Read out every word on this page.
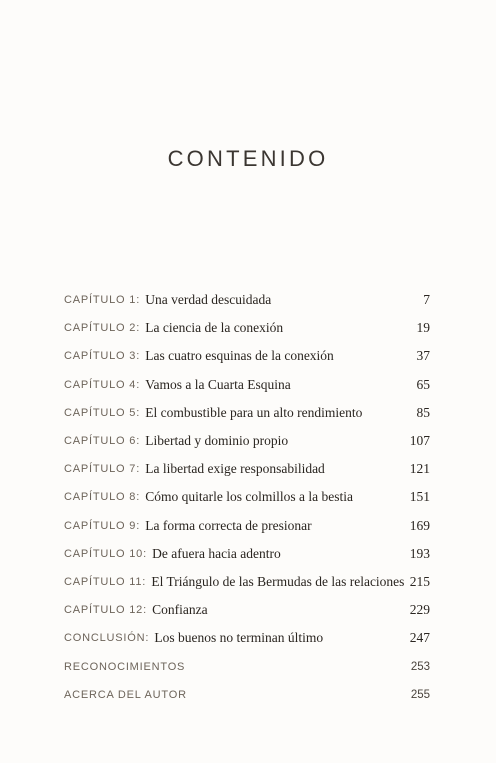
CONTENIDO
CAPÍTULO 1 : Una verdad descuidada	7
CAPÍTULO 2 : La ciencia de la conexión	19
CAPÍTULO 3 : Las cuatro esquinas de la conexión	37
CAPÍTULO 4 : Vamos a la Cuarta Esquina	65
CAPÍTULO 5 : El combustible para un alto rendimiento	85
CAPÍTULO 6 : Libertad y dominio propio	107
CAPÍTULO 7 : La libertad exige responsabilidad	121
CAPÍTULO 8 : Cómo quitarle los colmillos a la bestia	151
CAPÍTULO 9 : La forma correcta de presionar	169
CAPÍTULO 10 : De afuera hacia adentro	193
CAPÍTULO 11 : El Triángulo de las Bermudas de las relaciones 215
CAPÍTULO 12 : Confianza	229
CONCLUSIÓN : Los buenos no terminan último	247
RECONOCIMIENTOS	253
ACERCA DEL AUTOR	255
